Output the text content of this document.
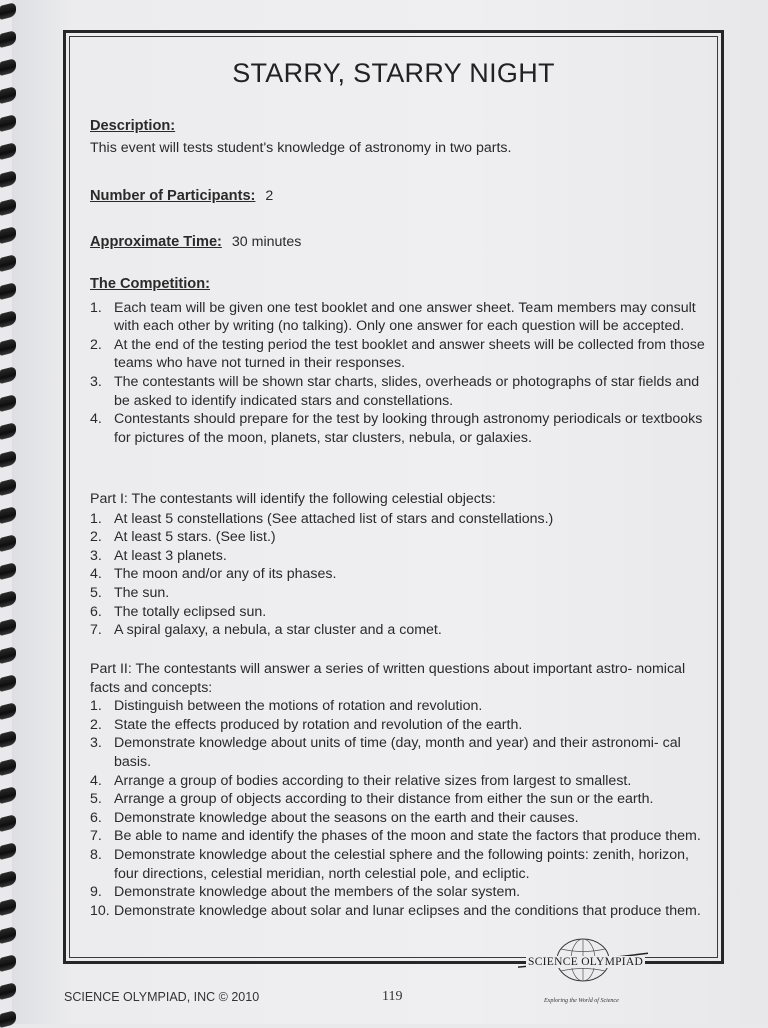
STARRY, STARRY NIGHT
Description:
This event will tests student's knowledge of astronomy in two parts.
Number of Participants: 2
Approximate Time: 30 minutes
The Competition:
1. Each team will be given one test booklet and one answer sheet. Team members may consult with each other by writing (no talking). Only one answer for each question will be accepted.
2. At the end of the testing period the test booklet and answer sheets will be collected from those teams who have not turned in their responses.
3. The contestants will be shown star charts, slides, overheads or photographs of star fields and be asked to identify indicated stars and constellations.
4. Contestants should prepare for the test by looking through astronomy periodicals or textbooks for pictures of the moon, planets, star clusters, nebula, or galaxies.
Part I: The contestants will identify the following celestial objects:
1. At least 5 constellations (See attached list of stars and constellations.)
2. At least 5 stars. (See list.)
3. At least 3 planets.
4. The moon and/or any of its phases.
5. The sun.
6. The totally eclipsed sun.
7. A spiral galaxy, a nebula, a star cluster and a comet.
Part II: The contestants will answer a series of written questions about important astro- nomical facts and concepts:
1. Distinguish between the motions of rotation and revolution.
2. State the effects produced by rotation and revolution of the earth.
3. Demonstrate knowledge about units of time (day, month and year) and their astronomi- cal basis.
4. Arrange a group of bodies according to their relative sizes from largest to smallest.
5. Arrange a group of objects according to their distance from either the sun or the earth.
6. Demonstrate knowledge about the seasons on the earth and their causes.
7. Be able to name and identify the phases of the moon and state the factors that produce them.
8. Demonstrate knowledge about the celestial sphere and the following points: zenith, horizon, four directions, celestial meridian, north celestial pole, and ecliptic.
9. Demonstrate knowledge about the members of the solar system.
10. Demonstrate knowledge about solar and lunar eclipses and the conditions that produce them.
SCIENCE OLYMPIAD
Exploring the World of Science
SCIENCE OLYMPIAD, INC © 2010	119
